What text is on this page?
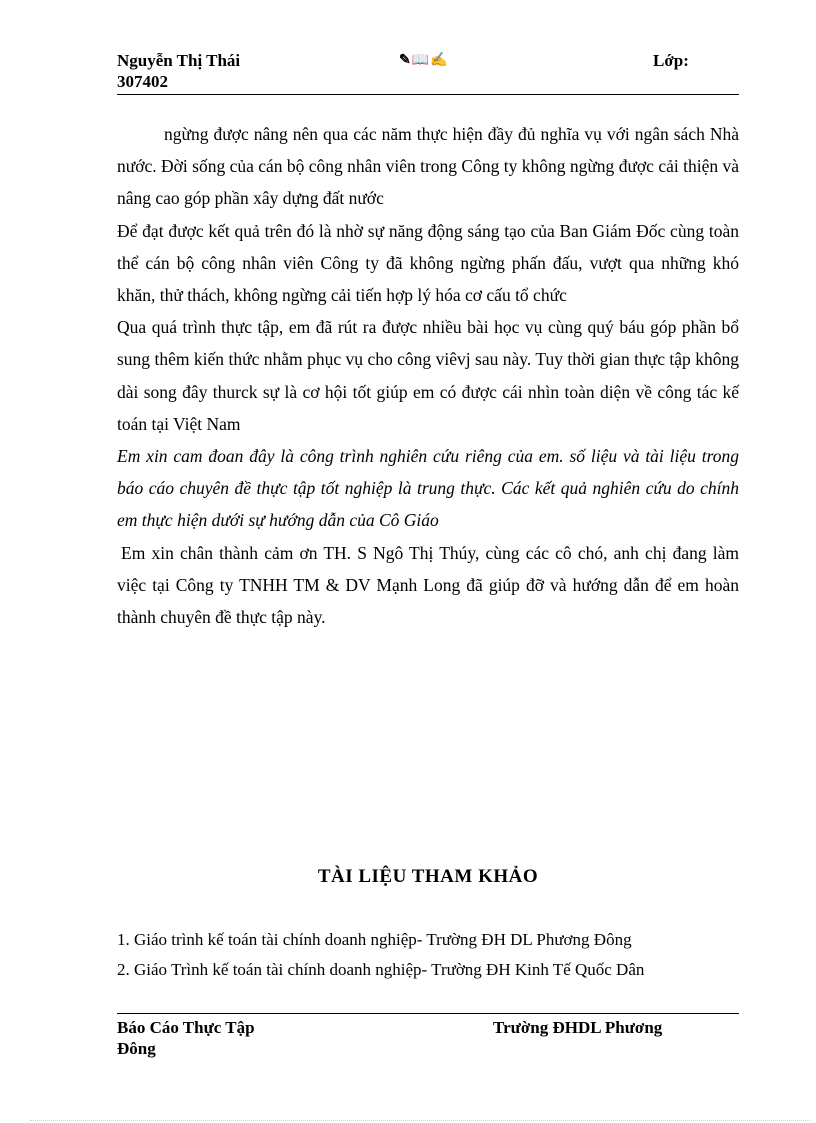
Nguyễn Thị Thái 307402
✎📖✍	Lớp:

ngừng được nâng nên qua các năm thực hiện đầy đủ nghĩa vụ với ngân sách Nhà nước. Đời sống của cán bộ công nhân viên trong Công ty không ngừng được cải thiện và nâng cao góp phần xây dựng đất nước

Để đạt được kết quả trên đó là nhờ sự năng động sáng tạo của Ban Giám Đốc cùng toàn thể cán bộ công nhân viên Công ty đã không ngừng phấn đấu, vượt qua những khó khăn, thử thách, không ngừng cải tiến hợp lý hóa cơ cấu tổ chức

Qua quá trình thực tập, em đã rút ra được nhiều bài học vụ cùng quý báu góp phần bổ sung thêm kiến thức nhằm phục vụ cho công viêvj sau này. Tuy thời gian thực tập không dài song đây thurck sự là cơ hội tốt giúp em có được cái nhìn toàn diện về công tác kế toán tại Việt Nam

Em xin cam đoan đây là công trình nghiên cứu riêng của em. số liệu và tài liệu trong báo cáo chuyên đề thực tập tốt nghiệp là trung thực. Các kết quả nghiên cứu do chính em thực hiện dưới sự hướng dẫn của Cô Giáo

Em xin chân thành cảm ơn TH. S Ngô Thị Thúy, cùng các cô chó, anh chị đang làm việc tại Công ty TNHH TM & DV Mạnh Long đã giúp đỡ và hướng dẫn để em hoàn thành chuyên đề thực tập này.

TÀI LIỆU THAM KHẢO
1. Giáo trình kế toán tài chính doanh nghiệp- Trường ĐH DL Phương Đông
2. Giáo Trình kế toán tài chính doanh nghiệp- Trường ĐH Kinh Tế Quốc Dân
Báo Cáo Thực Tập Đông
Trường ĐHDL Phương
